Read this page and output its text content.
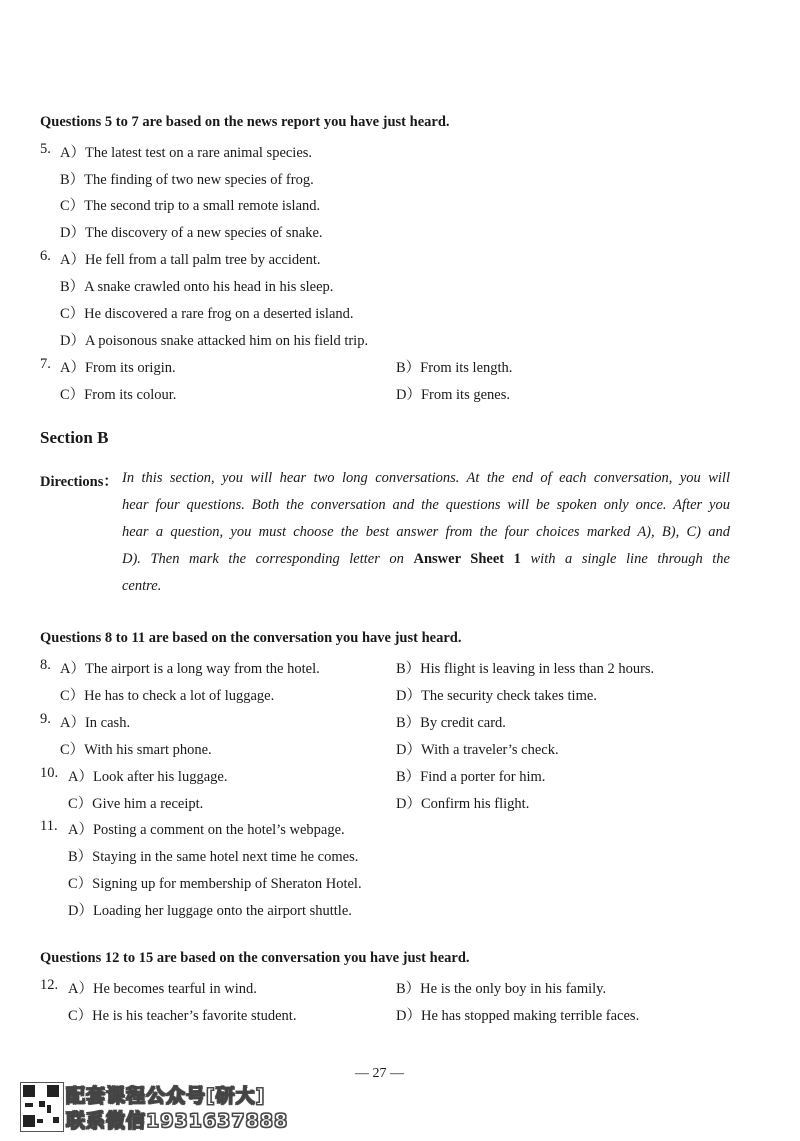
Questions 5 to 7 are based on the news report you have just heard.
5. A）The latest test on a rare animal species.
B）The finding of two new species of frog.
C）The second trip to a small remote island.
D）The discovery of a new species of snake.
6. A）He fell from a tall palm tree by accident.
B）A snake crawled onto his head in his sleep.
C）He discovered a rare frog on a deserted island.
D）A poisonous snake attacked him on his field trip.
7. A）From its origin.	B）From its length.
C）From its colour.	D）From its genes.
Section B
Directions： In this section, you will hear two long conversations. At the end of each conversation, you will
hear four questions. Both the conversation and the questions will be spoken only once. After you
hear a question, you must choose the best answer from the four choices marked A), B), C) and
D). Then mark the corresponding letter on Answer Sheet 1 with a single line through the
centre.
Questions 8 to 11 are based on the conversation you have just heard.
8. A）The airport is a long way from the hotel.	B）His flight is leaving in less than 2 hours.
C）He has to check a lot of luggage.	D）The security check takes time.
9. A）In cash.	B）By credit card.
C）With his smart phone.	D）With a traveler’s check.
10. A）Look after his luggage.	B）Find a porter for him.
C）Give him a receipt.	D）Confirm his flight.
11. A）Posting a comment on the hotel’s webpage.
B）Staying in the same hotel next time he comes.
C）Signing up for membership of Sheraton Hotel.
D）Loading her luggage onto the airport shuttle.
Questions 12 to 15 are based on the conversation you have just heard.
12. A）He becomes tearful in wind.	B）He is the only boy in his family.
C）He is his teacher’s favorite student.	D）He has stopped making terrible faces.
— 27 —
配套课程公众号[研大]
联系微信1931637888
